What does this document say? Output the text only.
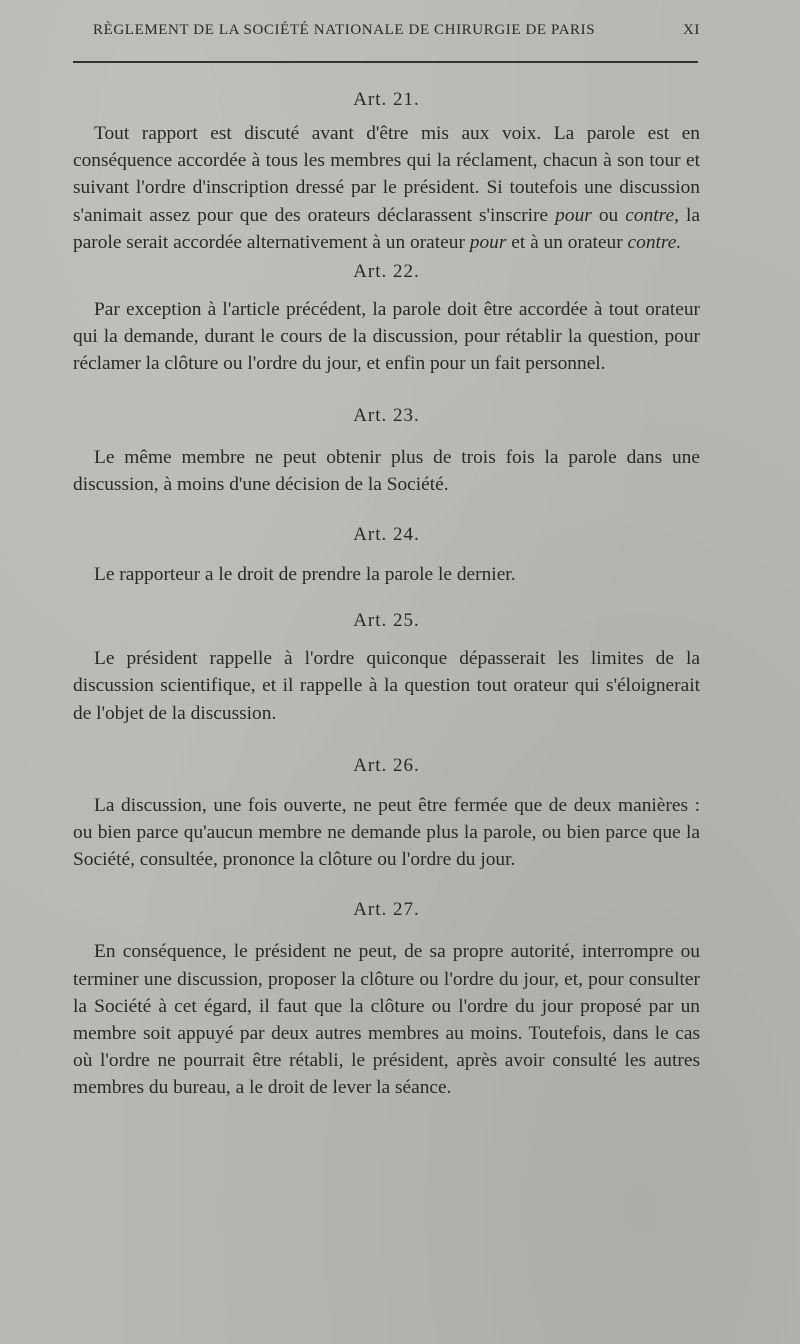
RÈGLEMENT DE LA SOCIÉTÉ NATIONALE DE CHIRURGIE DE PARIS	XI
Art. 21.

Tout rapport est discuté avant d'être mis aux voix. La parole est en conséquence accordée à tous les membres qui la réclament, chacun à son tour et suivant l'ordre d'inscription dressé par le président. Si toutefois une discussion s'animait assez pour que des orateurs déclarassent s'inscrire pour ou contre, la parole serait accordée alternativement à un orateur pour et à un orateur contre.

Art. 22.

Par exception à l'article précédent, la parole doit être accordée à tout orateur qui la demande, durant le cours de la discussion, pour rétablir la question, pour réclamer la clôture ou l'ordre du jour, et enfin pour un fait personnel.

Art. 23.

Le même membre ne peut obtenir plus de trois fois la parole dans une discussion, à moins d'une décision de la Société.

Art. 24.

Le rapporteur a le droit de prendre la parole le dernier.

Art. 25.

Le président rappelle à l'ordre quiconque dépasserait les limites de la discussion scientifique, et il rappelle à la question tout orateur qui s'éloignerait de l'objet de la discussion.

Art. 26.

La discussion, une fois ouverte, ne peut être fermée que de deux manières : ou bien parce qu'aucun membre ne demande plus la parole, ou bien parce que la Société, consultée, prononce la clôture ou l'ordre du jour.

Art. 27.

En conséquence, le président ne peut, de sa propre autorité, interrompre ou terminer une discussion, proposer la clôture ou l'ordre du jour, et, pour consulter la Société à cet égard, il faut que la clôture ou l'ordre du jour proposé par un membre soit appuyé par deux autres membres au moins. Toutefois, dans le cas où l'ordre ne pourrait être rétabli, le président, après avoir consulté les autres membres du bureau, a le droit de lever la séance.
